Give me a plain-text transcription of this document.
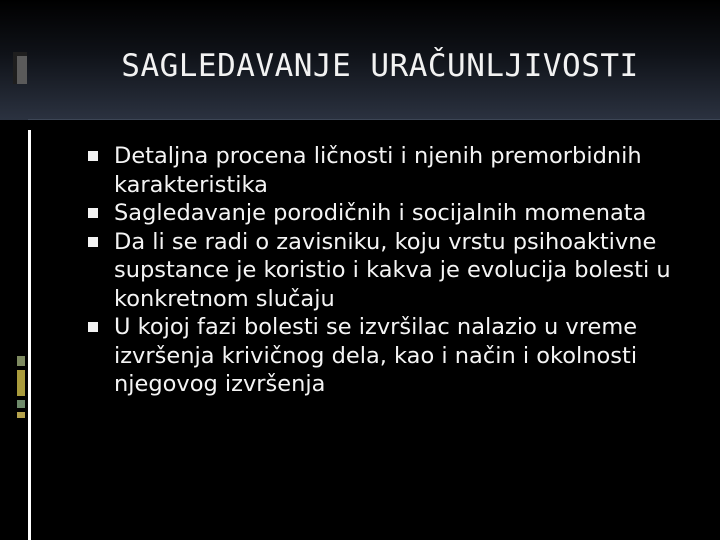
SAGLEDAVANJE URAČUNLJIVOSTI
Detaljna procena ličnosti i njenih premorbidnih karakteristika
Sagledavanje porodičnih i socijalnih momenata
Da li se radi o zavisniku, koju vrstu psihoaktivne supstance je koristio i kakva je evolucija bolesti u konkretnom slučaju
U kojoj fazi bolesti se izvršilac nalazio u vreme izvršenja krivičnog dela, kao i način i okolnosti njegovog izvršenja
